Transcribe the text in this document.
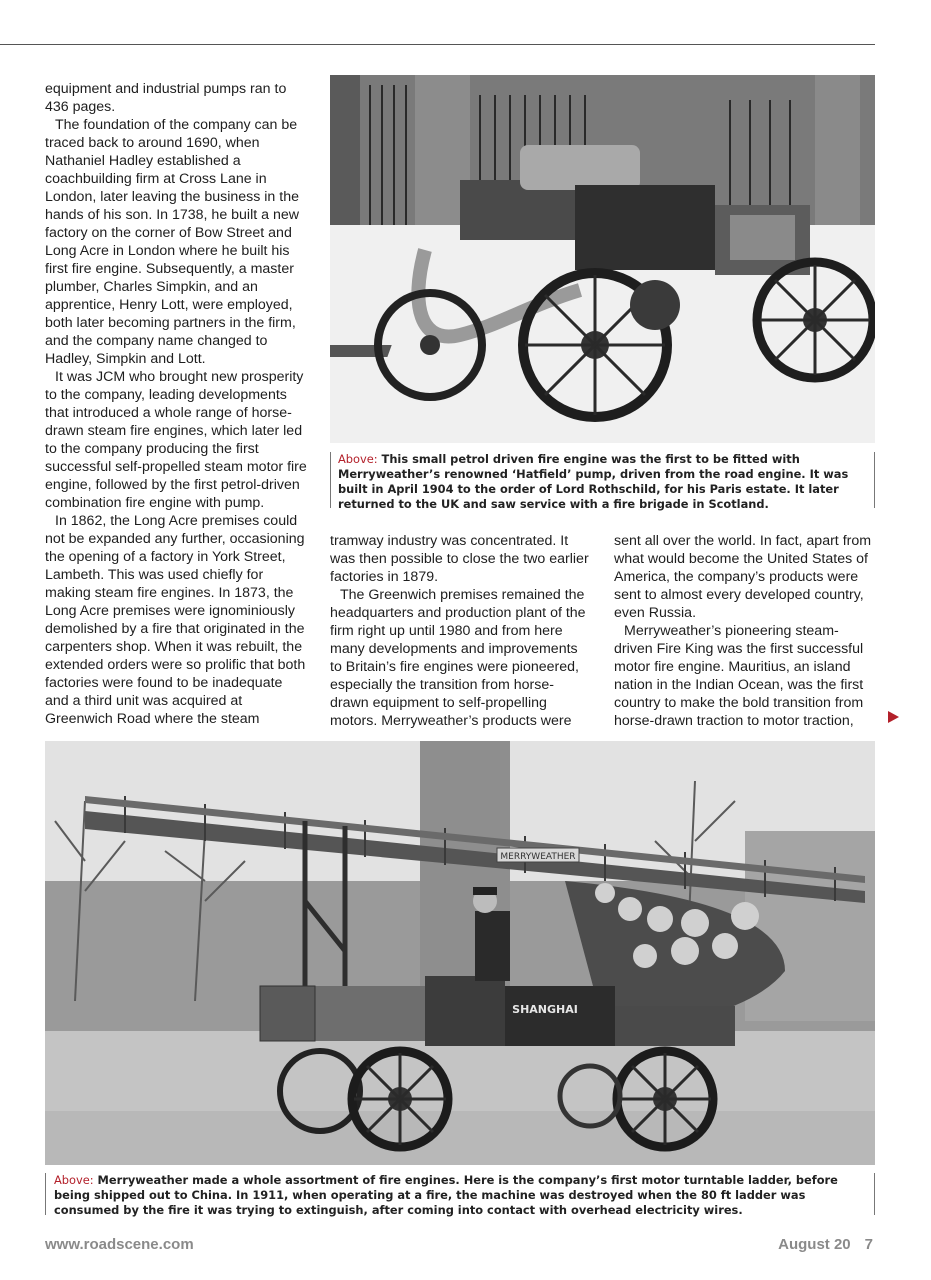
equipment and industrial pumps ran to 436 pages.

The foundation of the company can be traced back to around 1690, when Nathaniel Hadley established a coachbuilding firm at Cross Lane in London, later leaving the business in the hands of his son. In 1738, he built a new factory on the corner of Bow Street and Long Acre in London where he built his first fire engine. Subsequently, a master plumber, Charles Simpkin, and an apprentice, Henry Lott, were employed, both later becoming partners in the firm, and the company name changed to Hadley, Simpkin and Lott.

It was JCM who brought new prosperity to the company, leading developments that introduced a whole range of horse-drawn steam fire engines, which later led to the company producing the first successful self-propelled steam motor fire engine, followed by the first petrol-driven combination fire engine with pump.

In 1862, the Long Acre premises could not be expanded any further, occasioning the opening of a factory in York Street, Lambeth. This was used chiefly for making steam fire engines. In 1873, the Long Acre premises were ignominiously demolished by a fire that originated in the carpenters shop. When it was rebuilt, the extended orders were so prolific that both factories were found to be inadequate and a third unit was acquired at Greenwich Road where the steam

Above: This small petrol driven fire engine was the first to be fitted with Merryweather’s renowned ‘Hatfield’ pump, driven from the road engine. It was built in April 1904 to the order of Lord Rothschild, for his Paris estate. It later returned to the UK and saw service with a fire brigade in Scotland.

tramway industry was concentrated. It was then possible to close the two earlier factories in 1879.

The Greenwich premises remained the headquarters and production plant of the firm right up until 1980 and from here many developments and improvements to Britain’s fire engines were pioneered, especially the transition from horse-drawn equipment to self-propelling motors. Merryweather’s products were

sent all over the world. In fact, apart from what would become the United States of America, the company’s products were sent to almost every developed country, even Russia.

Merryweather’s pioneering steam-driven Fire King was the first successful motor fire engine. Mauritius, an island nation in the Indian Ocean, was the first country to make the bold transition from horse-drawn traction to motor traction,

MERRYWEATHER
SHANGHAI
Above: Merryweather made a whole assortment of fire engines. Here is the company’s first motor turntable ladder, before being shipped out to China. In 1911, when operating at a fire, the machine was destroyed when the 80 ft ladder was consumed by the fire it was trying to extinguish, after coming into contact with overhead electricity wires.
www.roadscene.com	August 20 7
